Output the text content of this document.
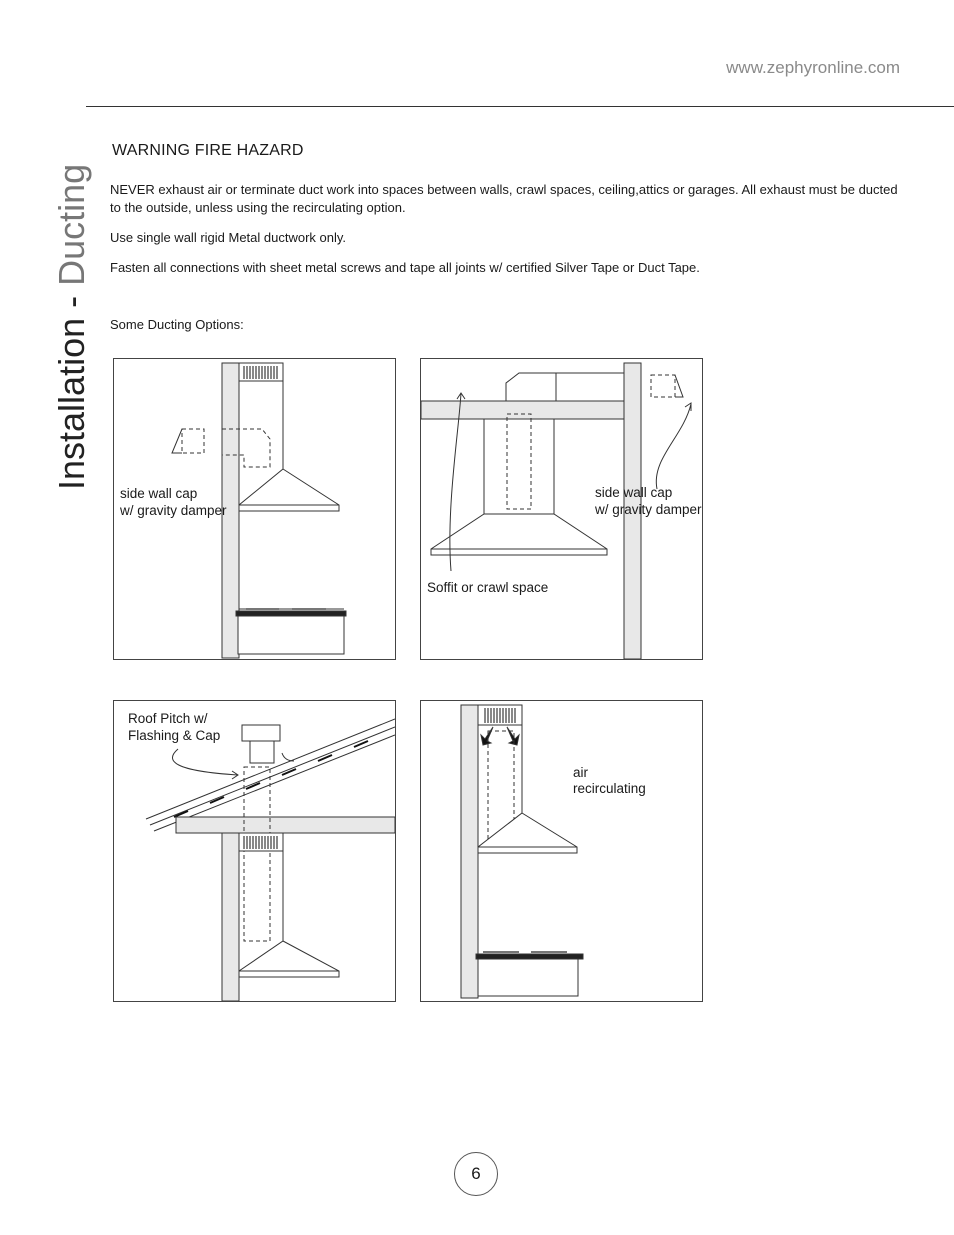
www.zephyronline.com
Installation - Ducting
WARNING FIRE HAZARD
NEVER exhaust air or terminate duct work into spaces between walls, crawl spaces, ceiling,attics or garages. All exhaust must be ducted to the outside, unless using the recirculating option.
Use single wall rigid Metal ductwork only.
Fasten all connections with sheet metal screws and tape all joints w/ certified Silver Tape or Duct Tape.
Some Ducting Options:
side wall cap
w/ gravity damper
Soffit or crawl space
side wall cap
w/ gravity damper
Roof Pitch w/
Flashing & Cap
air
recirculating
6
